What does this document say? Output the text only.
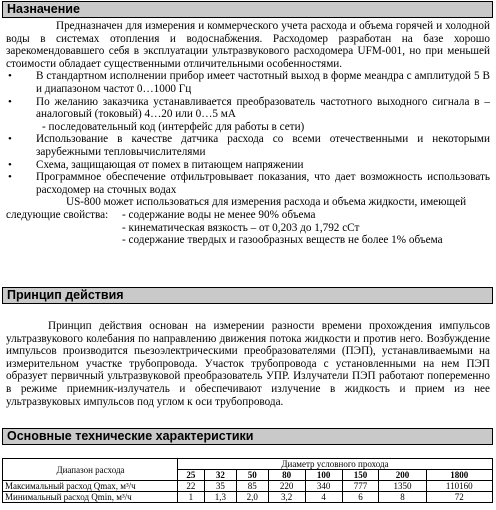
Назначение

Предназначен для измерения и коммерческого учета расхода и объема горячей и холодной воды в системах отопления и водоснабжения. Расходомер разработан на базе хорошо зарекомендовавшего себя в эксплуатации ультразвукового расходомера UFM-001, но при меньшей стоимости обладает существенными отличительными особенностями.

• В стандартном исполнении прибор имеет частотный выход в форме меандра с амплитудой 5 В и диапазоном частот 0…1000 Гц
• По желанию заказчика устанавливается преобразователь частотного выходного сигнала в – аналоговый (токовый) 4…20 или 0…5 мА
- последовательный код (интерфейс для работы в сети)
• Использование в качестве датчика расхода со всеми отечественными и некоторыми зарубежными тепловычислителями
• Схема, защищающая от помех в питающем напряжении
• Программное обеспечение отфильтровывает показания, что дает возможность использовать расходомер на сточных водах

US-800 может использоваться для измерения расхода и объема жидкости, имеющей

следующие свойства:	- содержание воды не менее 90% объема
- кинематическая вязкость – от 0,203 до 1,792 сСт
- содержание твердых и газообразных веществ не более 1% объема
Принцип действия

Принцип действия основан на измерении разности времени прохождения импульсов ультразвукового колебания по направлению движения потока жидкости и против него. Возбуждение импульсов производится пьезоэлектрическими преобразователями (ПЭП), устанавливаемыми на измерительном участке трубопровода. Участок трубопровода с установленными на нем ПЭП образует первичный ультразвуковой преобразователь УПР. Излучатели ПЭП работают попеременно в режиме приемник-излучатель и обеспечивают излучение в жидкость и прием из нее ультразвуковых импульсов под углом к оси трубопровода.

Основные технические характеристики
Диапазон расхода	Диаметр условного прохода							
	25	32	50	80	100	150	200	1800
Максимальный расход Qmax, м³/ч	22	35	85	220	340	777	1350	110160
Минимальный расход Qmin, м³/ч	1	1,3	2,0	3,2	4	6	8	72
